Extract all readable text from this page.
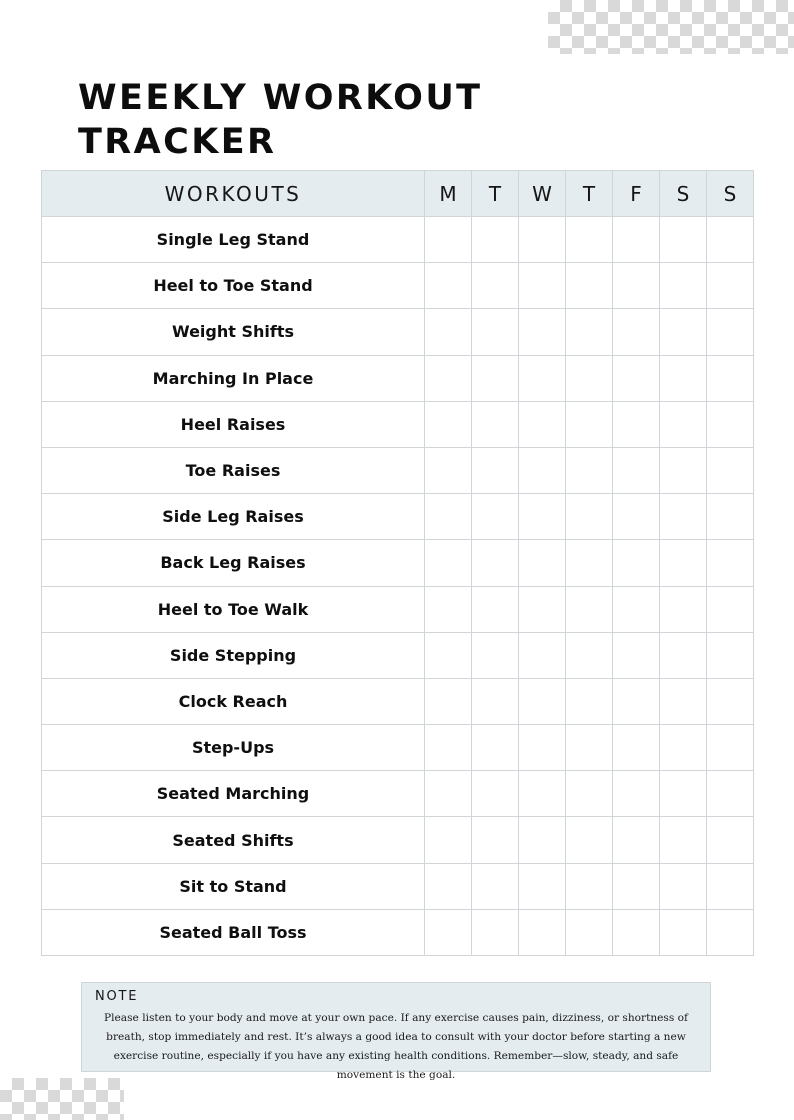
WEEKLY WORKOUT TRACKER
WORKOUTS	M	T	W	T	F	S	S
Single Leg Stand							
Heel to Toe Stand							
Weight Shifts							
Marching In Place							
Heel Raises							
Toe Raises							
Side Leg Raises							
Back Leg Raises							
Heel to Toe Walk							
Side Stepping							
Clock Reach							
Step-Ups							
Seated Marching							
Seated Shifts							
Sit to Stand							
Seated Ball Toss							
NOTE

Please listen to your body and move at your own pace. If any exercise causes pain, dizziness, or shortness of breath, stop immediately and rest. It’s always a good idea to consult with your doctor before starting a new exercise routine, especially if you have any existing health conditions. Remember—slow, steady, and safe movement is the goal.
